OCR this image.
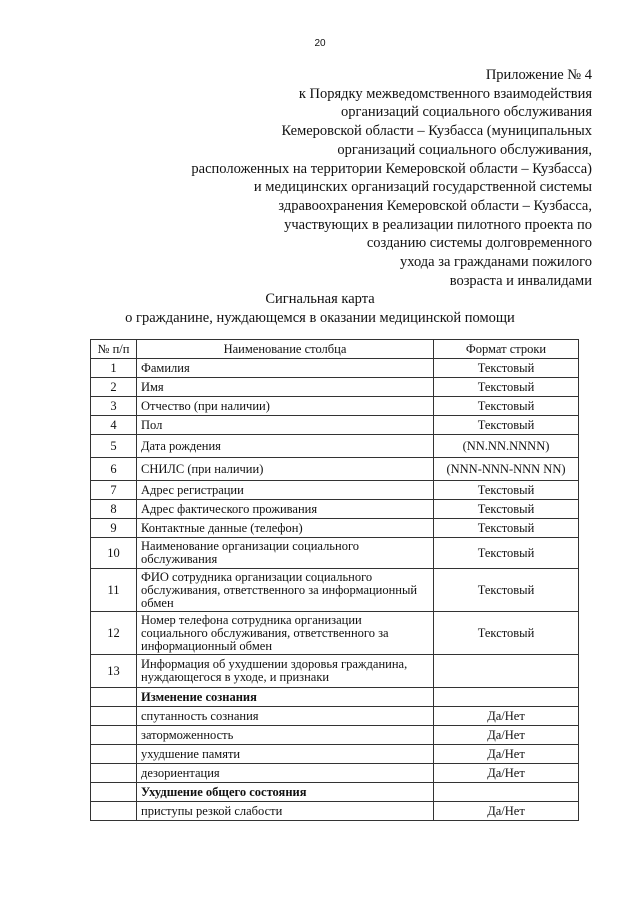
20
Приложение № 4
к Порядку межведомственного взаимодействия
организаций социального обслуживания
Кемеровской области – Кузбасса (муниципальных
организаций социального обслуживания,
расположенных на территории Кемеровской области – Кузбасса)
и медицинских организаций государственной системы
здравоохранения Кемеровской области – Кузбасса,
участвующих в реализации пилотного проекта по
созданию системы долговременного
ухода за гражданами пожилого
возраста и инвалидами
Сигнальная карта
о гражданине, нуждающемся в оказании медицинской помощи
№ п/п	Наименование столбца	Формат строки
1	Фамилия	Текстовый
2	Имя	Текстовый
3	Отчество (при наличии)	Текстовый
4	Пол	Текстовый
5	Дата рождения	(NN.NN.NNNN)
6	СНИЛС (при наличии)	(NNN-NNN-NNN NN)
7	Адрес регистрации	Текстовый
8	Адрес фактического проживания	Текстовый
9	Контактные данные (телефон)	Текстовый
10	Наименование организации социального обслуживания	Текстовый
11	ФИО сотрудника организации социального обслуживания, ответственного за информационный обмен	Текстовый
12	Номер телефона сотрудника организации социального обслуживания, ответственного за информационный обмен	Текстовый
13	Информация об ухудшении здоровья гражданина, нуждающегося в уходе, и признаки	
	Изменение сознания	
	спутанность сознания	Да/Нет
	заторможенность	Да/Нет
	ухудшение памяти	Да/Нет
	дезориентация	Да/Нет
	Ухудшение общего состояния	
	приступы резкой слабости	Да/Нет
